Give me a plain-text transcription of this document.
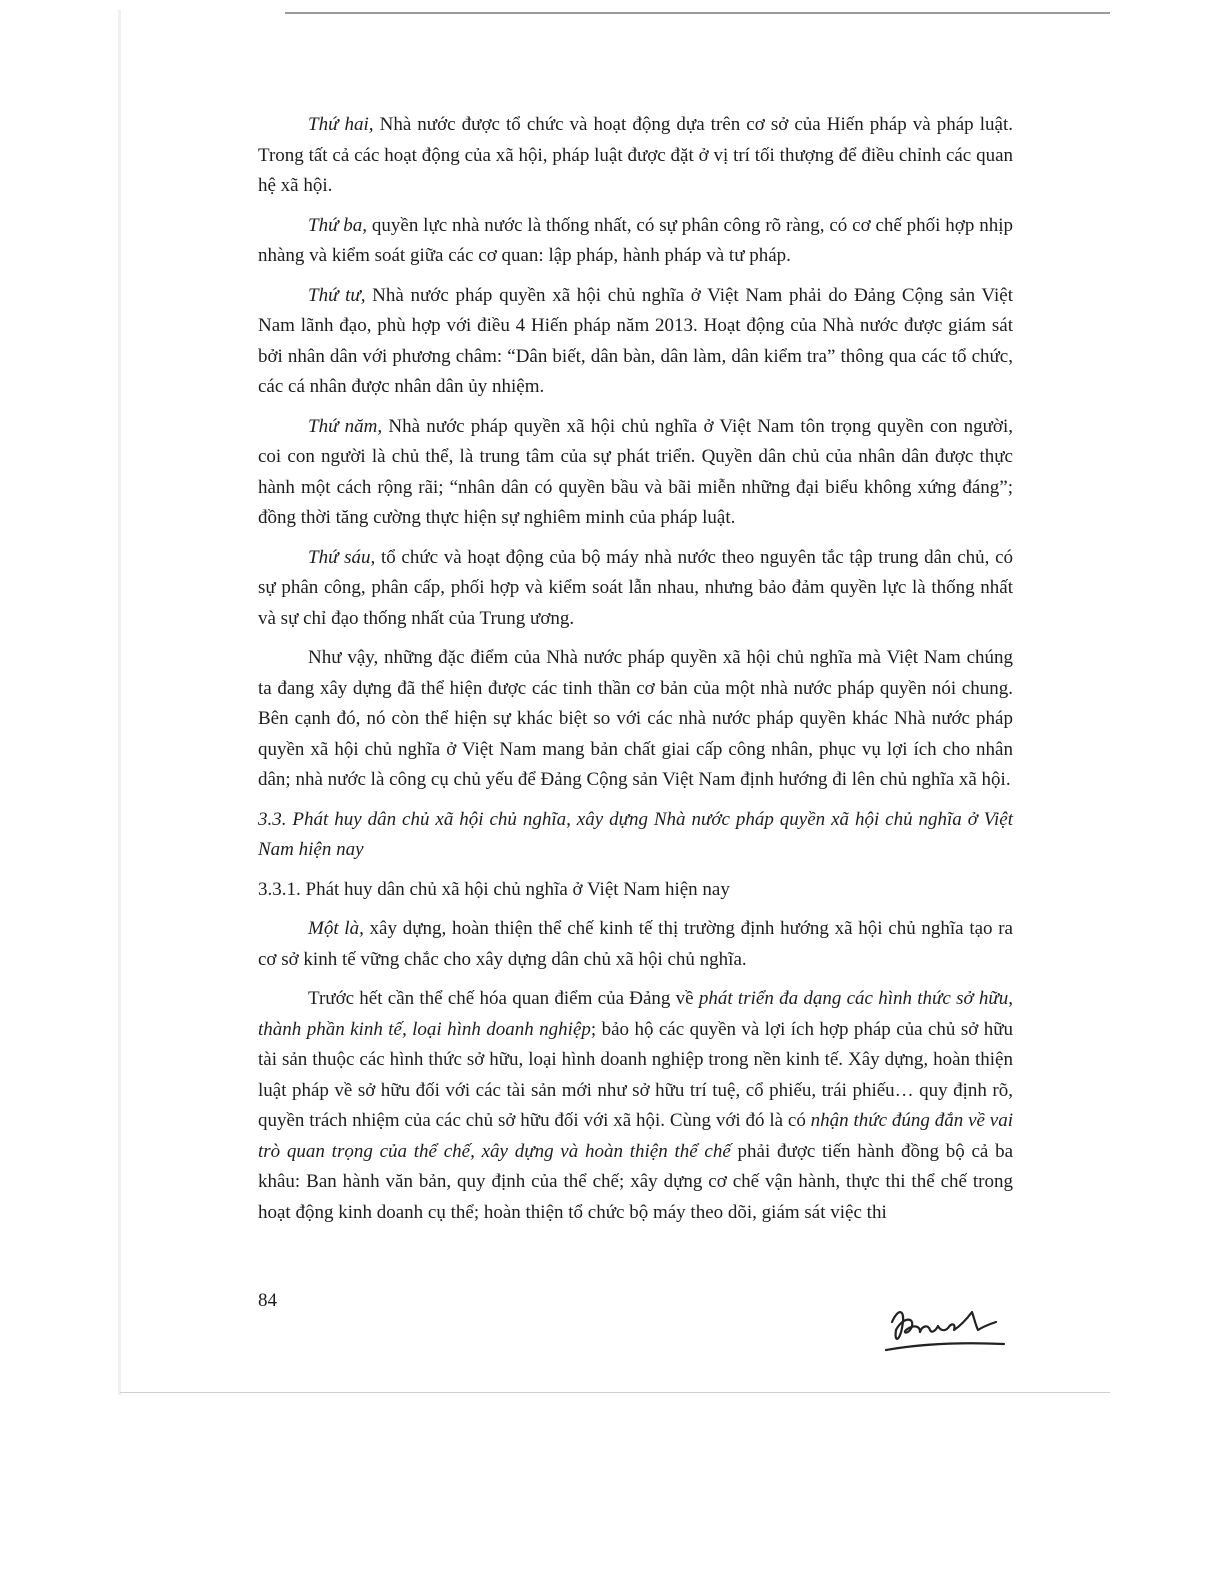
Thứ hai, Nhà nước được tổ chức và hoạt động dựa trên cơ sở của Hiến pháp và pháp luật. Trong tất cả các hoạt động của xã hội, pháp luật được đặt ở vị trí tối thượng để điều chỉnh các quan hệ xã hội.

Thứ ba, quyền lực nhà nước là thống nhất, có sự phân công rõ ràng, có cơ chế phối hợp nhịp nhàng và kiểm soát giữa các cơ quan: lập pháp, hành pháp và tư pháp.

Thứ tư, Nhà nước pháp quyền xã hội chủ nghĩa ở Việt Nam phải do Đảng Cộng sản Việt Nam lãnh đạo, phù hợp với điều 4 Hiến pháp năm 2013. Hoạt động của Nhà nước được giám sát bởi nhân dân với phương châm: “Dân biết, dân bàn, dân làm, dân kiểm tra” thông qua các tổ chức, các cá nhân được nhân dân ủy nhiệm.

Thứ năm, Nhà nước pháp quyền xã hội chủ nghĩa ở Việt Nam tôn trọng quyền con người, coi con người là chủ thể, là trung tâm của sự phát triển. Quyền dân chủ của nhân dân được thực hành một cách rộng rãi; “nhân dân có quyền bầu và bãi miễn những đại biểu không xứng đáng”; đồng thời tăng cường thực hiện sự nghiêm minh của pháp luật.

Thứ sáu, tổ chức và hoạt động của bộ máy nhà nước theo nguyên tắc tập trung dân chủ, có sự phân công, phân cấp, phối hợp và kiểm soát lẫn nhau, nhưng bảo đảm quyền lực là thống nhất và sự chỉ đạo thống nhất của Trung ương.

Như vậy, những đặc điểm của Nhà nước pháp quyền xã hội chủ nghĩa mà Việt Nam chúng ta đang xây dựng đã thể hiện được các tinh thần cơ bản của một nhà nước pháp quyền nói chung. Bên cạnh đó, nó còn thể hiện sự khác biệt so với các nhà nước pháp quyền khác Nhà nước pháp quyền xã hội chủ nghĩa ở Việt Nam mang bản chất giai cấp công nhân, phục vụ lợi ích cho nhân dân; nhà nước là công cụ chủ yếu để Đảng Cộng sản Việt Nam định hướng đi lên chủ nghĩa xã hội.

3.3. Phát huy dân chủ xã hội chủ nghĩa, xây dựng Nhà nước pháp quyền xã hội chủ nghĩa ở Việt Nam hiện nay

3.3.1. Phát huy dân chủ xã hội chủ nghĩa ở Việt Nam hiện nay

Một là, xây dựng, hoàn thiện thể chế kinh tế thị trường định hướng xã hội chủ nghĩa tạo ra cơ sở kinh tế vững chắc cho xây dựng dân chủ xã hội chủ nghĩa.

Trước hết cần thể chế hóa quan điểm của Đảng về phát triển đa dạng các hình thức sở hữu, thành phần kinh tế, loại hình doanh nghiệp; bảo hộ các quyền và lợi ích hợp pháp của chủ sở hữu tài sản thuộc các hình thức sở hữu, loại hình doanh nghiệp trong nền kinh tế. Xây dựng, hoàn thiện luật pháp về sở hữu đối với các tài sản mới như sở hữu trí tuệ, cổ phiếu, trái phiếu… quy định rõ, quyền trách nhiệm của các chủ sở hữu đối với xã hội. Cùng với đó là có nhận thức đúng đắn về vai trò quan trọng của thể chế, xây dựng và hoàn thiện thể chế phải được tiến hành đồng bộ cả ba khâu: Ban hành văn bản, quy định của thể chế; xây dựng cơ chế vận hành, thực thi thể chế trong hoạt động kinh doanh cụ thể; hoàn thiện tổ chức bộ máy theo dõi, giám sát việc thi

84
